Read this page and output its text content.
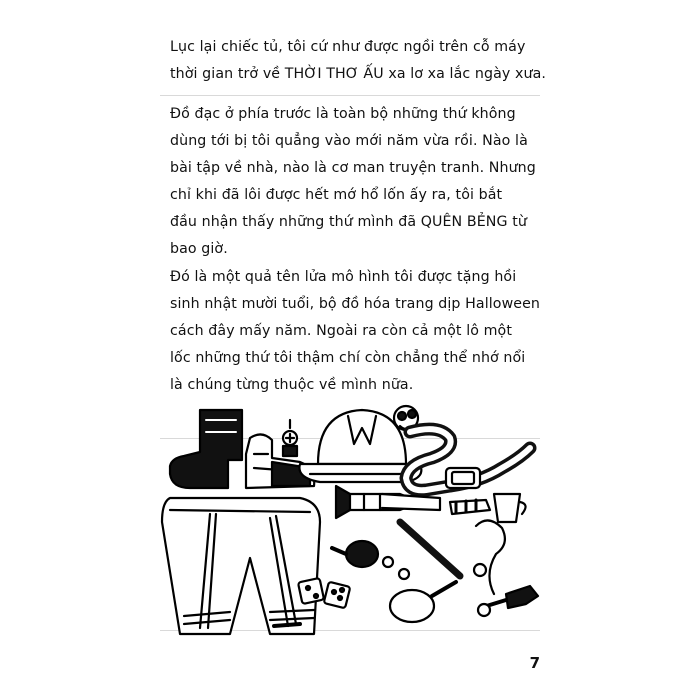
Lục lại chiếc tủ, tôi cứ như được ngồi trên cỗ máy
thời gian trở về THỜI THƠ ẤU xa lơ xa lắc ngày xưa.
Đồ đạc ở phía trước là toàn bộ những thứ không
dùng tới bị tôi quẳng vào mới năm vừa rồi. Nào là
bài tập về nhà, nào là cơ man truyện tranh. Nhưng
chỉ khi đã lôi được hết mớ hổ lốn ấy ra, tôi bắt
đầu nhận thấy những thứ mình đã QUÊN BẺNG từ
bao giờ.
Đó là một quả tên lửa mô hình tôi được tặng hồi
sinh nhật mười tuổi, bộ đồ hóa trang dịp Halloween
cách đây mấy năm. Ngoài ra còn cả một lô một
lốc những thứ tôi thậm chí còn chẳng thể nhớ nổi
là chúng từng thuộc về mình nữa.
7
